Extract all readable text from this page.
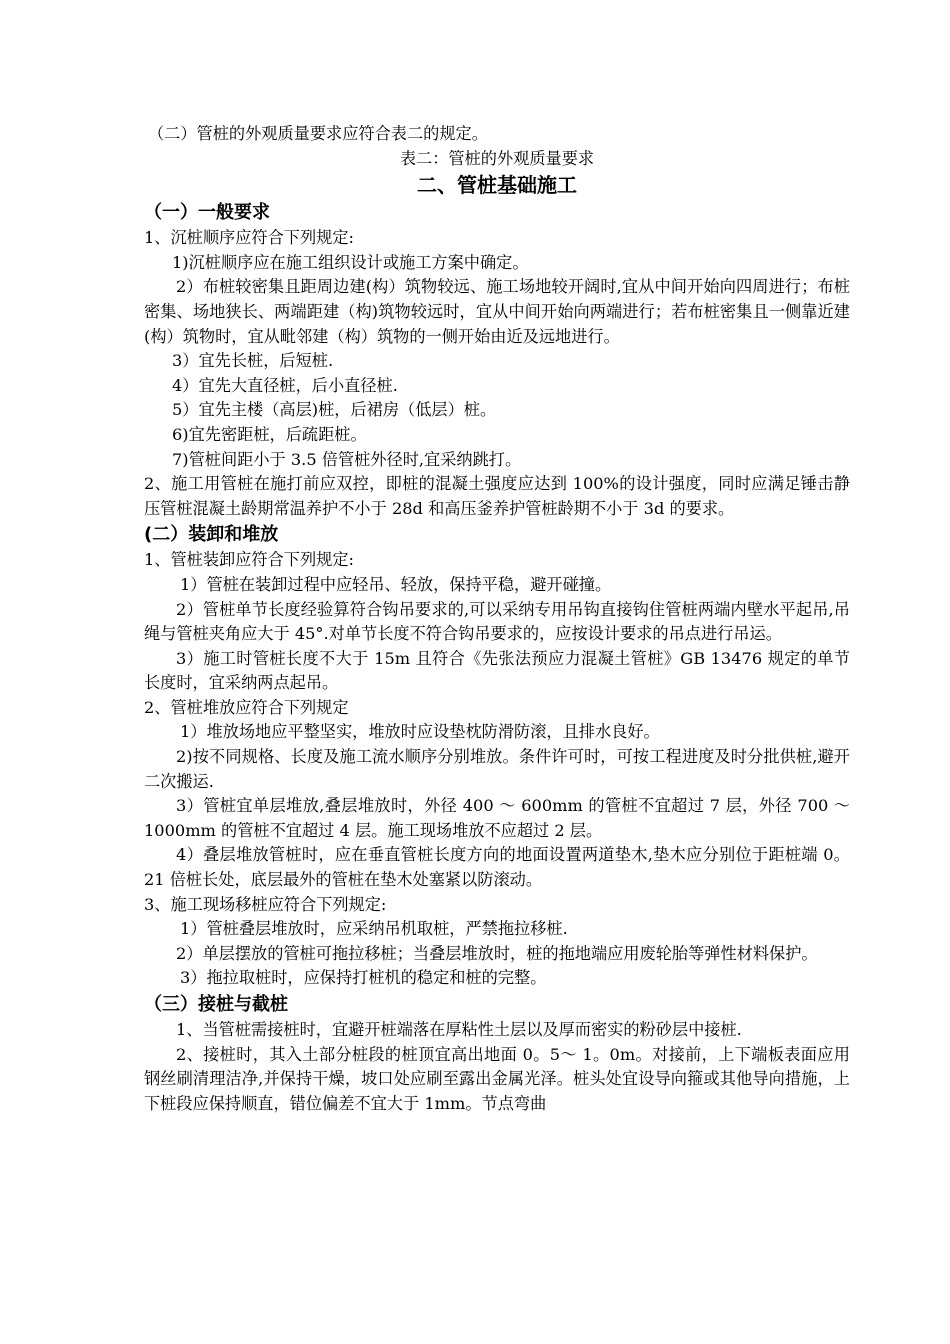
（二）管桩的外观质量要求应符合表二的规定。

表二：管桩的外观质量要求

二、管桩基础施工

（一）一般要求

1、沉桩顺序应符合下列规定:

1)沉桩顺序应在施工组织设计或施工方案中确定。

2）布桩较密集且距周边建(构）筑物较远、施工场地较开阔时,宜从中间开始向四周进行；布桩密集、场地狭长、两端距建（构)筑物较远时，宜从中间开始向两端进行；若布桩密集且一侧靠近建(构）筑物时，宜从毗邻建（构）筑物的一侧开始由近及远地进行。

3）宜先长桩，后短桩.

4）宜先大直径桩，后小直径桩.

5）宜先主楼（高层)桩，后裙房（低层）桩。

6)宜先密距桩，后疏距桩。

7)管桩间距小于 3.5 倍管桩外径时,宜采纳跳打。

2、施工用管桩在施打前应双控，即桩的混凝土强度应达到 100%的设计强度，同时应满足锤击静压管桩混凝土龄期常温养护不小于 28d 和高压釜养护管桩龄期不小于 3d 的要求。

(二）装卸和堆放

1、管桩装卸应符合下列规定:

1）管桩在装卸过程中应轻吊、轻放，保持平稳，避开碰撞。

2）管桩单节长度经验算符合钩吊要求的,可以采纳专用吊钩直接钩住管桩两端内壁水平起吊,吊绳与管桩夹角应大于 45°.对单节长度不符合钩吊要求的，应按设计要求的吊点进行吊运。

3）施工时管桩长度不大于 15m 且符合《先张法预应力混凝土管桩》GB 13476 规定的单节长度时，宜采纳两点起吊。

2、管桩堆放应符合下列规定

1）堆放场地应平整坚实，堆放时应设垫枕防滑防滚，且排水良好。

2)按不同规格、长度及施工流水顺序分别堆放。条件许可时，可按工程进度及时分批供桩,避开二次搬运.

3）管桩宜单层堆放,叠层堆放时，外径 400 ～ 600mm 的管桩不宜超过 7 层，外径 700 ～ 1000mm 的管桩不宜超过 4 层。施工现场堆放不应超过 2 层。

4）叠层堆放管桩时，应在垂直管桩长度方向的地面设置两道垫木,垫木应分别位于距桩端 0。21 倍桩长处，底层最外的管桩在垫木处塞紧以防滚动。

3、施工现场移桩应符合下列规定:

1）管桩叠层堆放时，应采纳吊机取桩，严禁拖拉移桩.

2）单层摆放的管桩可拖拉移桩；当叠层堆放时，桩的拖地端应用废轮胎等弹性材料保护。

3）拖拉取桩时，应保持打桩机的稳定和桩的完整。

（三）接桩与截桩

1、当管桩需接桩时，宜避开桩端落在厚粘性土层以及厚而密实的粉砂层中接桩.

2、接桩时，其入土部分桩段的桩顶宜高出地面 0。5～ 1。0m。对接前，上下端板表面应用钢丝刷清理洁净,并保持干燥，坡口处应刷至露出金属光泽。桩头处宜设导向箍或其他导向措施，上下桩段应保持顺直，错位偏差不宜大于 1mm。节点弯曲
